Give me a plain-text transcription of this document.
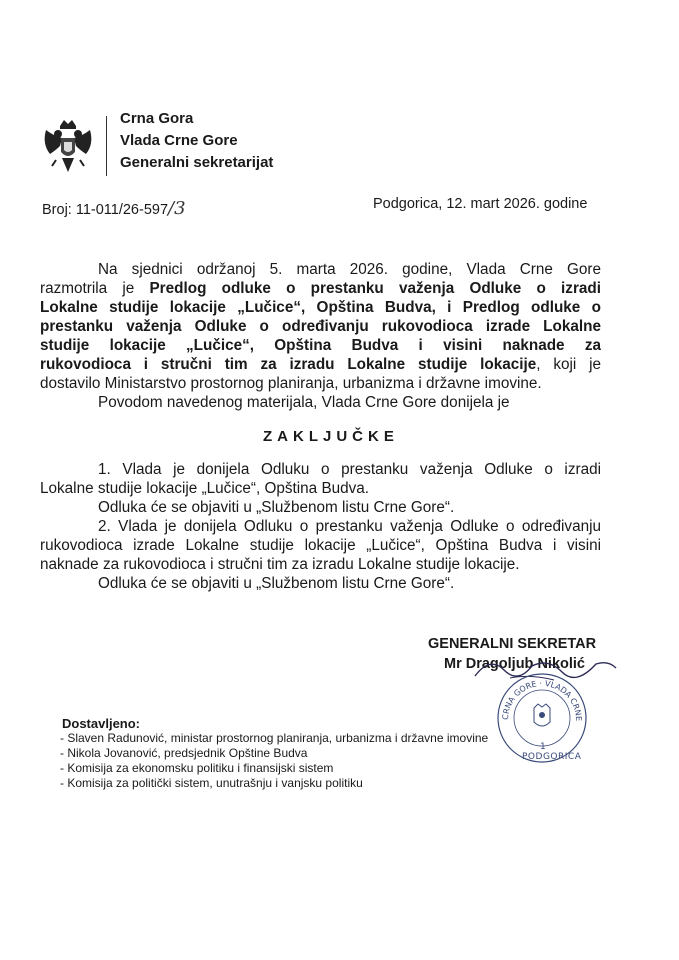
Crna Gora
Vlada Crne Gore
Generalni sekretarijat
Broj: 11-011/26-597/3	Podgorica, 12. mart 2026. godine
Na sjednici održanoj 5. marta 2026. godine, Vlada Crne Gore
razmotrila je Predlog odluke o prestanku važenja Odluke o izradi
Lokalne studije lokacije „Lučice“, Opština Budva, i Predlog odluke o
prestanku važenja Odluke o određivanju rukovodioca izrade Lokalne
studije lokacije „Lučice“, Opština Budva i visini naknade za
rukovodioca i stručni tim za izradu Lokalne studije lokacije, koji je
dostavilo Ministarstvo prostornog planiranja, urbanizma i državne imovine.
Povodom navedenog materijala, Vlada Crne Gore donijela je
ZAKLJUČKE
1. Vlada je donijela Odluku o prestanku važenja Odluke o izradi
Lokalne studije lokacije „Lučice“, Opština Budva.
Odluka će se objaviti u „Službenom listu Crne Gore“.
2. Vlada je donijela Odluku o prestanku važenja Odluke o određivanju
rukovodioca izrade Lokalne studije lokacije „Lučice“, Opština Budva i visini
naknade za rukovodioca i stručni tim za izradu Lokalne studije lokacije.
Odluka će se objaviti u „Službenom listu Crne Gore“.
GENERALNI SEKRETAR
Mr Dragoljub Nikolić
CRNA GORE · VLADA CRNE
1
PODGORICA
Dostavljeno:
- Slaven Radunović, ministar prostornog planiranja, urbanizma i državne imovine
- Nikola Jovanović, predsjednik Opštine Budva
- Komisija za ekonomsku politiku i finansijski sistem
- Komisija za politički sistem, unutrašnju i vanjsku politiku
